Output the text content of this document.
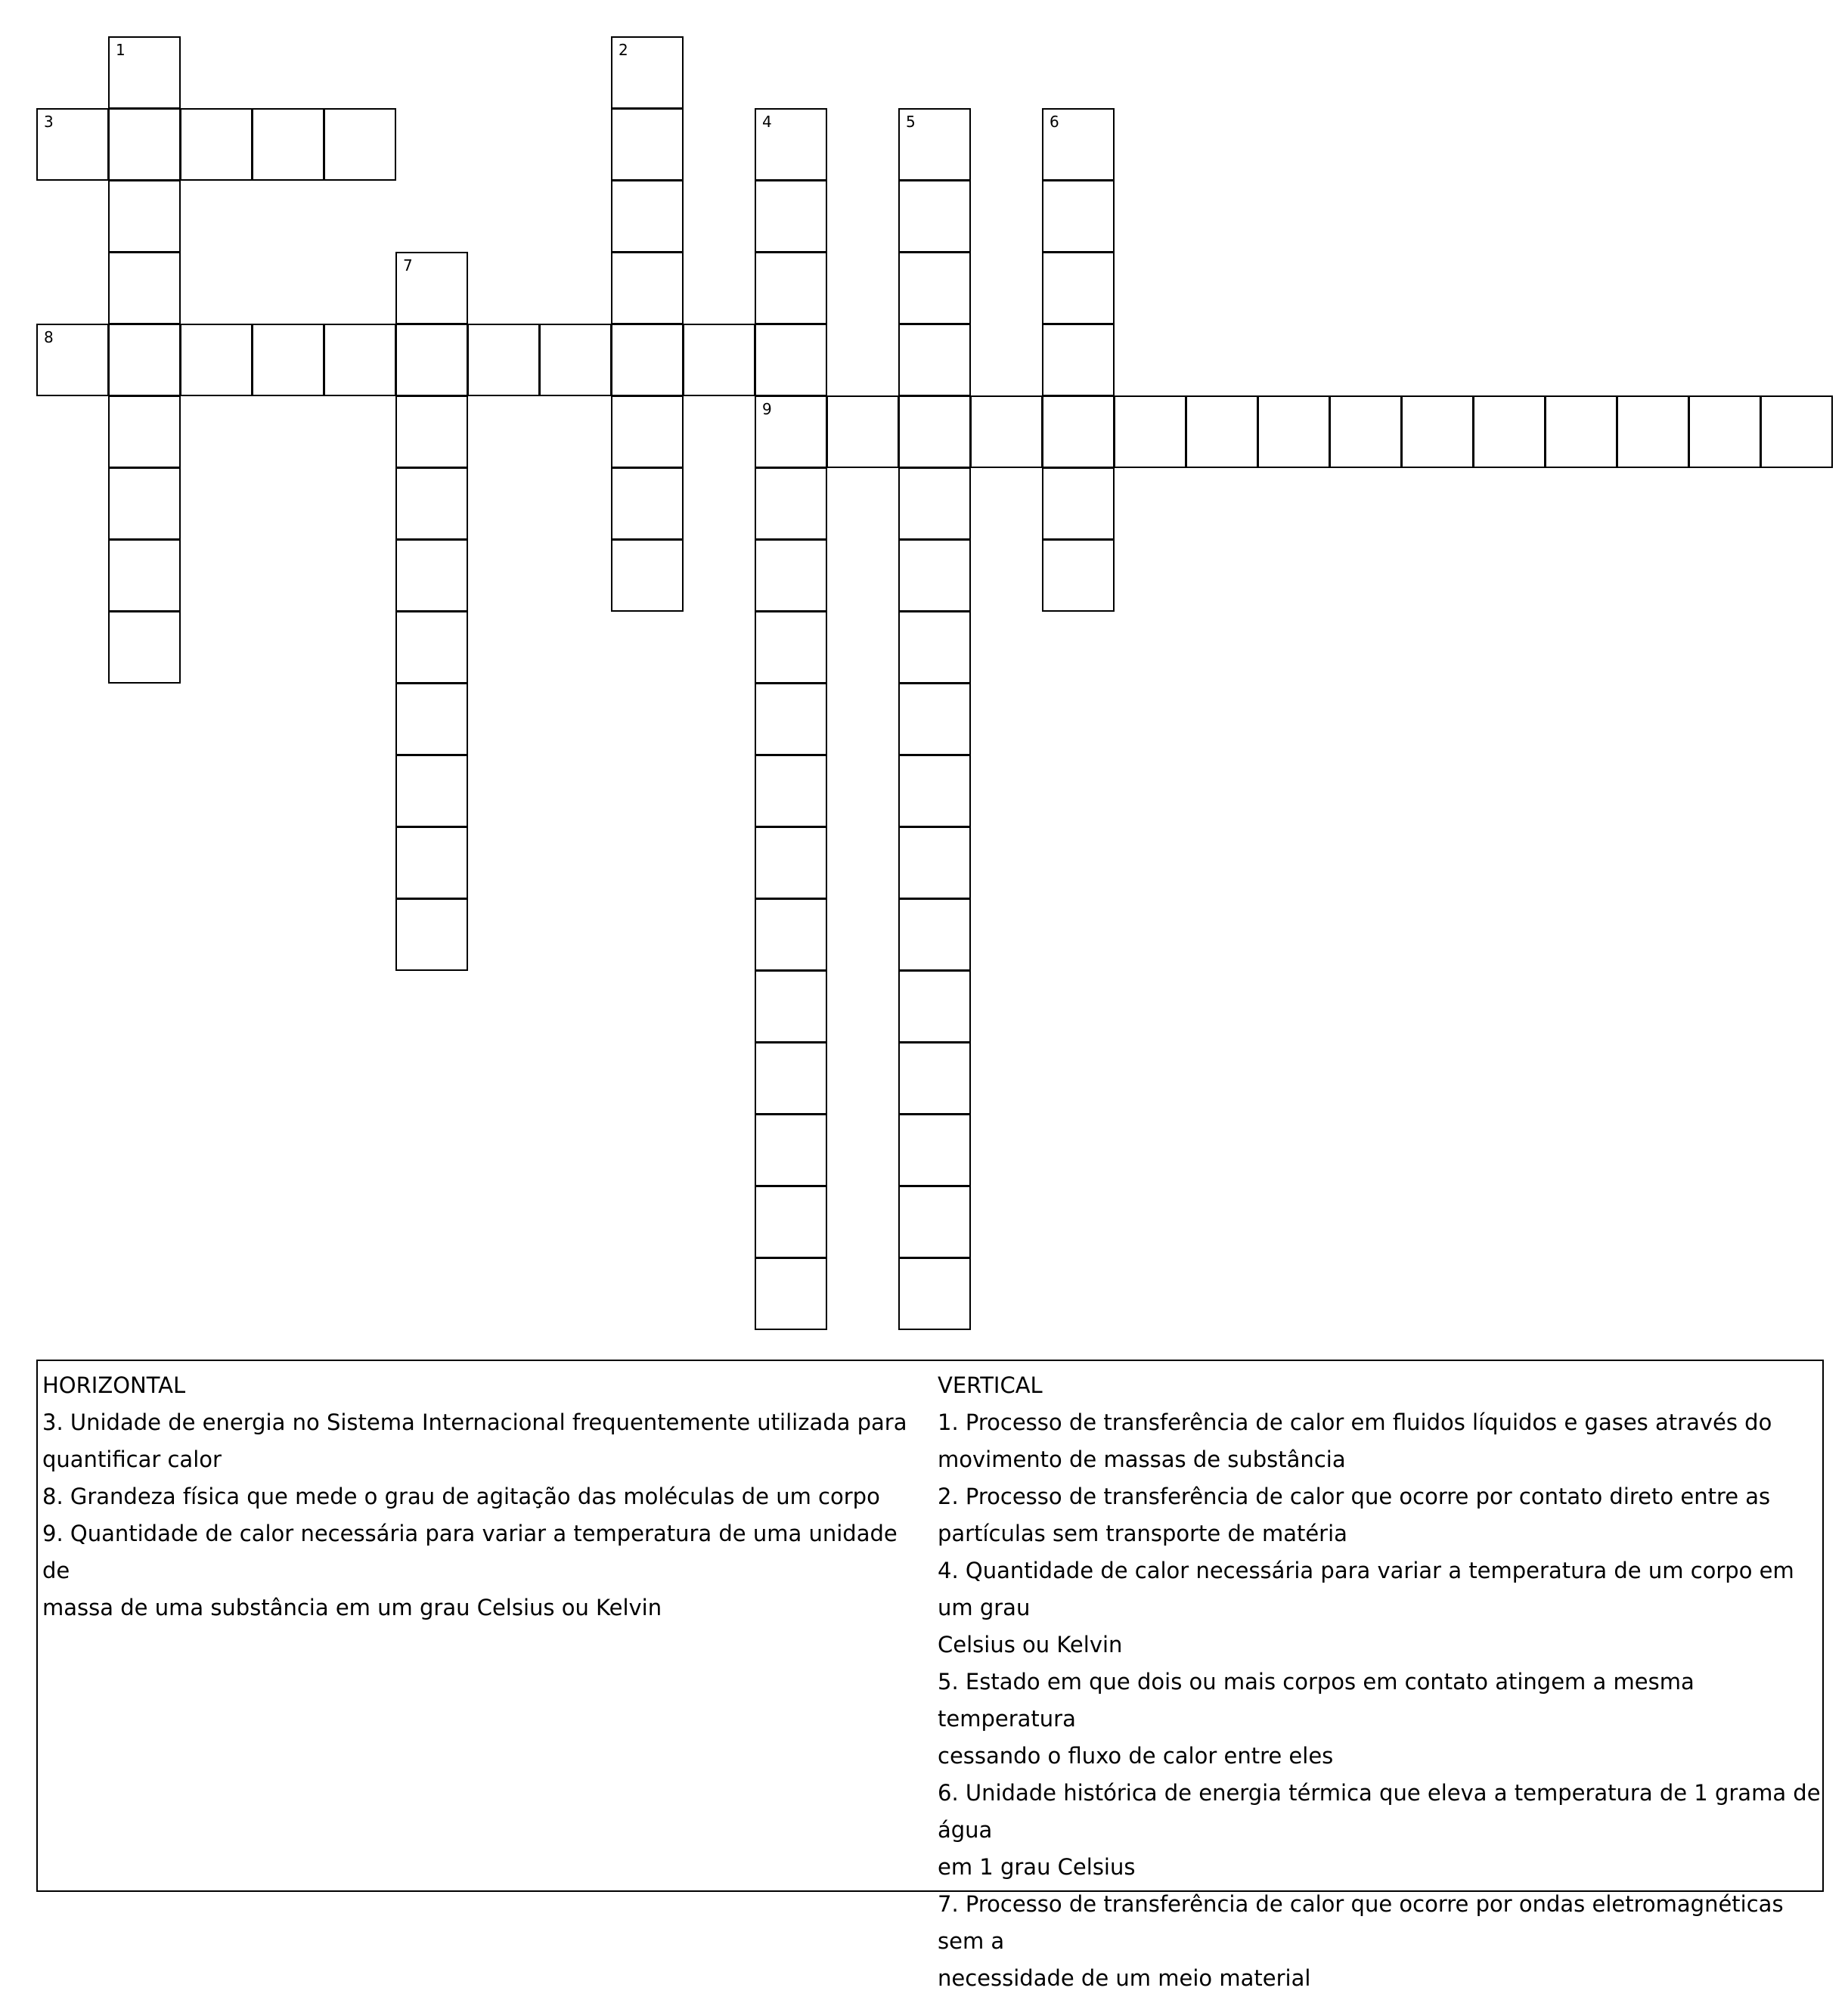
1	2
3	4
9
5	6
7
8

HORIZONTAL

3. Unidade de energia no Sistema Internacional frequentemente utilizada para

quantificar calor

8. Grandeza física que mede o grau de agitação das moléculas de um corpo

9. Quantidade de calor necessária para variar a temperatura de uma unidade de

massa de uma substância em um grau Celsius ou Kelvin

VERTICAL

1. Processo de transferência de calor em fluidos líquidos e gases através do

movimento de massas de substância

2. Processo de transferência de calor que ocorre por contato direto entre as

partículas sem transporte de matéria

4. Quantidade de calor necessária para variar a temperatura de um corpo em um grau

Celsius ou Kelvin

5. Estado em que dois ou mais corpos em contato atingem a mesma temperatura

cessando o fluxo de calor entre eles

6. Unidade histórica de energia térmica que eleva a temperatura de 1 grama de água

em 1 grau Celsius

7. Processo de transferência de calor que ocorre por ondas eletromagnéticas sem a

necessidade de um meio material
